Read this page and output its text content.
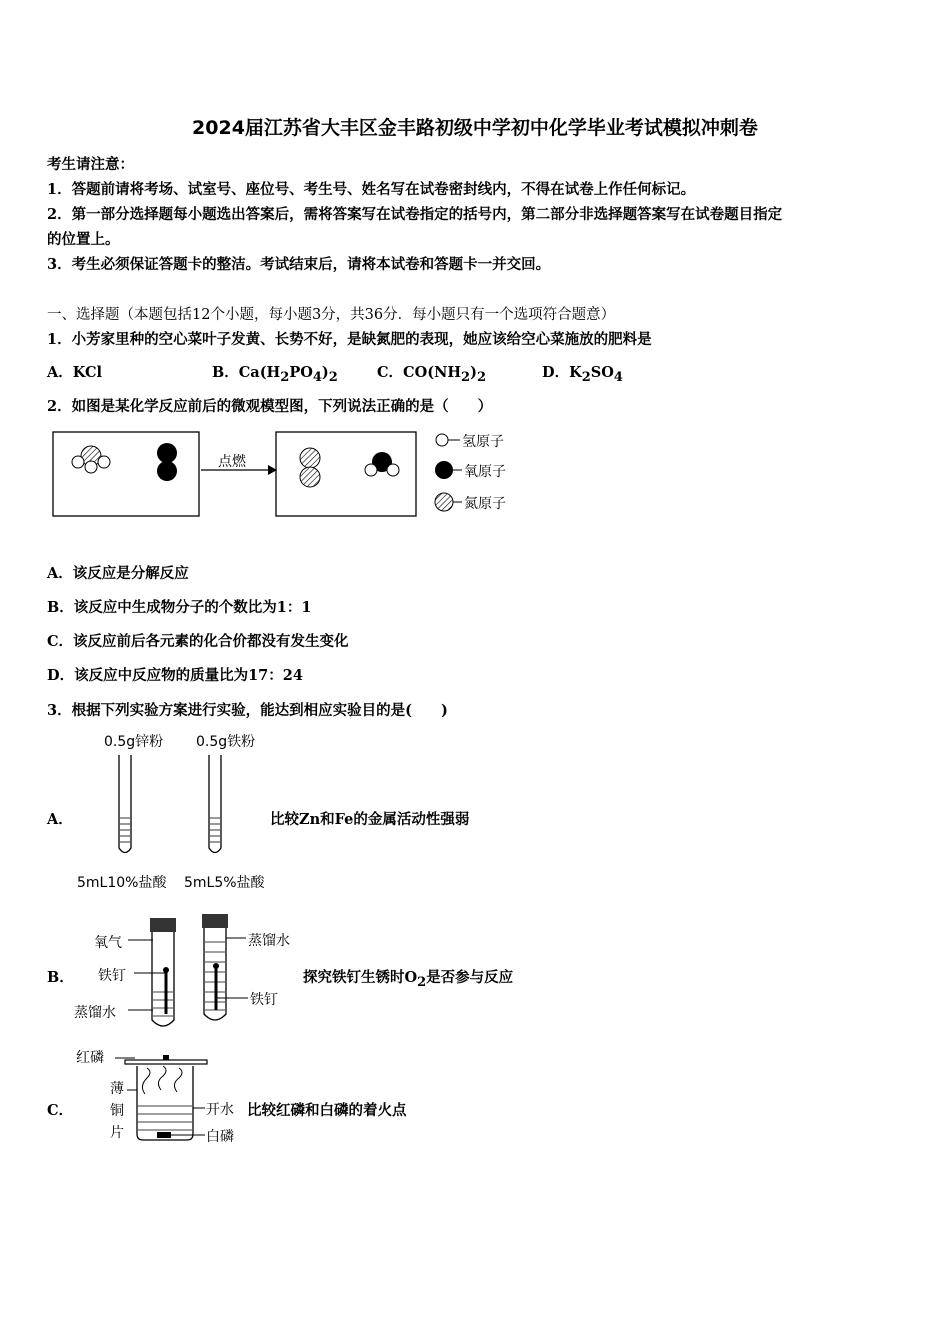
2024届江苏省大丰区金丰路初级中学初中化学毕业考试模拟冲刺卷
考生请注意：
1．答题前请将考场、试室号、座位号、考生号、姓名写在试卷密封线内，不得在试卷上作任何标记。
2．第一部分选择题每小题选出答案后，需将答案写在试卷指定的括号内，第二部分非选择题答案写在试卷题目指定
的位置上。
3．考生必须保证答题卡的整洁。考试结束后，请将本试卷和答题卡一并交回。
一、选择题（本题包括12个小题，每小题3分，共36分．每小题只有一个选项符合题意）
1．小芳家里种的空心菜叶子发黄、长势不好，是缺氮肥的表现，她应该给空心菜施放的肥料是
A．KCl	B．$Ca(H_2PO_4)_2$	C．$CO(NH_2)_2$	D．$K_2SO_4$
2．如图是某化学反应前后的微观模型图，下列说法正确的是（　　）
点燃
氢原子
氧原子
氮原子
A．该反应是分解反应
B．该反应中生成物分子的个数比为1：1
C．该反应前后各元素的化合价都没有发生变化
D．该反应中反应物的质量比为17：24
3．根据下列实验方案进行实验，能达到相应实验目的是(　　)
0.5g锌粉 0.5g铁粉
A．	比较Zn和Fe的金属活动性强弱
5mL10%盐酸 5mL5%盐酸
氧气
铁钉
蒸馏水
蒸馏水
铁钉
B．	探究铁钉生锈时$O_2$是否参与反应
红磷
薄铜片
开水
白磷
C．	比较红磷和白磷的着火点
